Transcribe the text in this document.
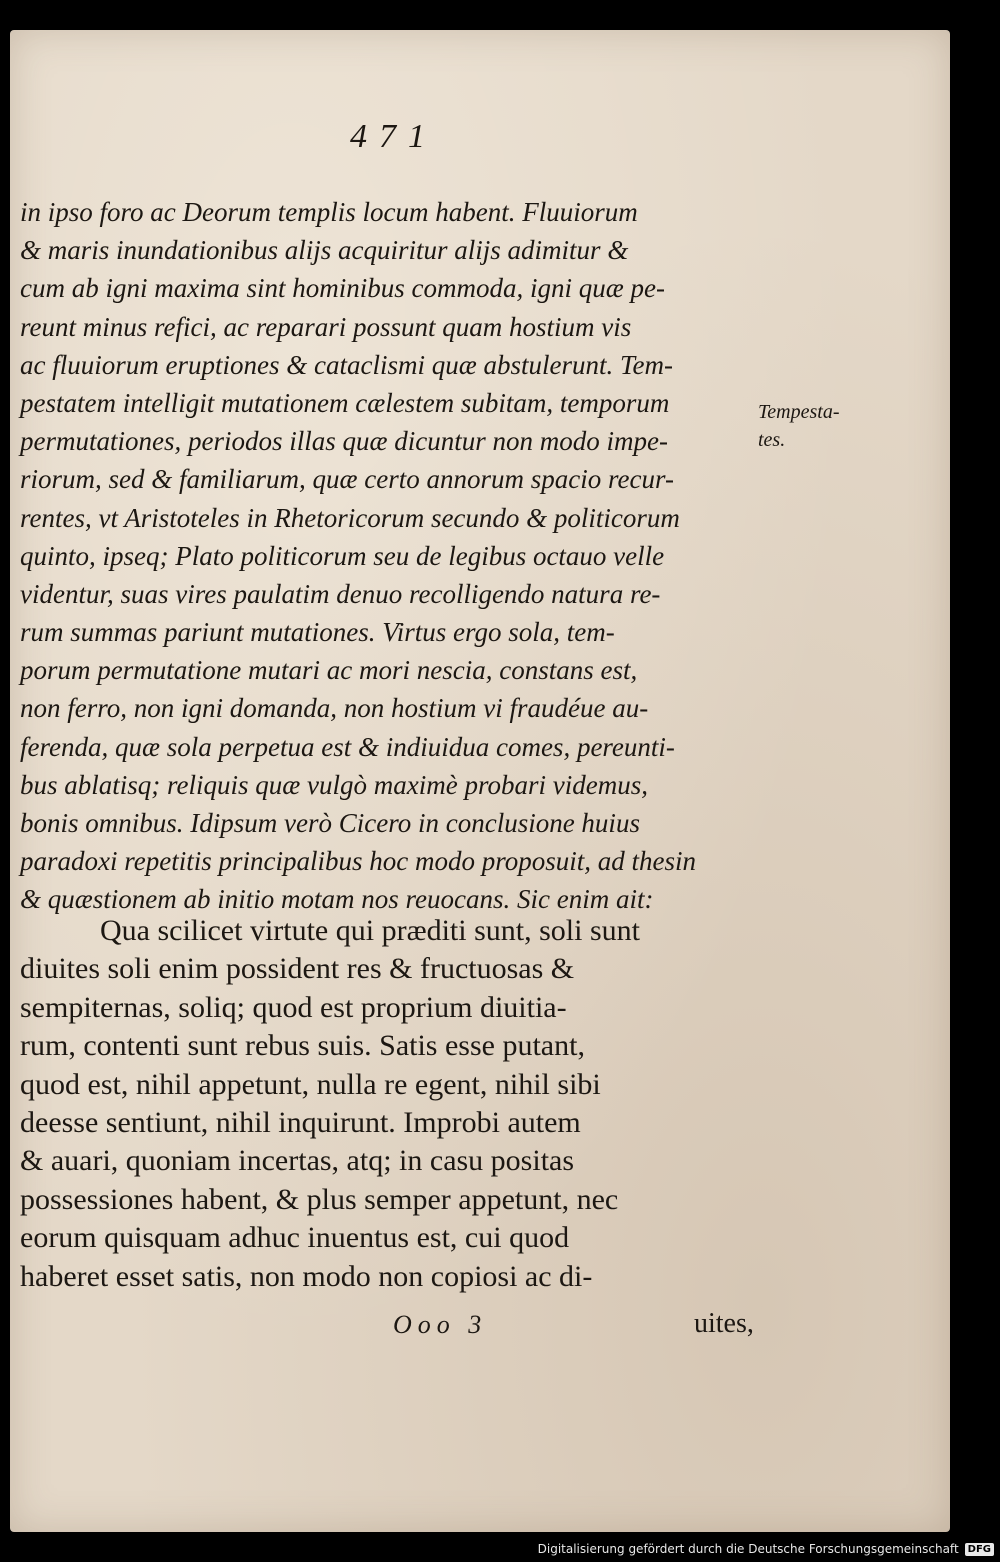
471
in ipso foro ac Deorum templis locum habent. Fluuiorum
& maris inundationibus alijs acquiritur alijs adimitur &
cum ab igni maxima sint hominibus commoda, igni quæ pe-
reunt minus refici, ac reparari possunt quam hostium vis
ac fluuiorum eruptiones & cataclismi quæ abstulerunt. Tem-
pestatem intelligit mutationem cælestem subitam, temporum
permutationes, periodos illas quæ dicuntur non modo impe-
riorum, sed & familiarum, quæ certo annorum spacio recur-
rentes, vt Aristoteles in Rhetoricorum secundo & politicorum
quinto, ipseq; Plato politicorum seu de legibus octauo velle
videntur, suas vires paulatim denuo recolligendo natura re-
rum summas pariunt mutationes. Virtus ergo sola, tem-
porum permutatione mutari ac mori nescia, constans est,
non ferro, non igni domanda, non hostium vi fraudéue au-
ferenda, quæ sola perpetua est & indiuidua comes, pereunti-
bus ablatisq; reliquis quæ vulgò maximè probari videmus,
bonis omnibus. Idipsum verò Cicero in conclusione huius
paradoxi repetitis principalibus hoc modo proposuit, ad thesin
& quæstionem ab initio motam nos reuocans. Sic enim ait:
Tempesta-
tes.
Qua scilicet virtute qui præditi sunt, soli sunt
diuites soli enim possident res & fructuosas &
sempiternas, soliq; quod est proprium diuitia-
rum, contenti sunt rebus suis. Satis esse putant,
quod est, nihil appetunt, nulla re egent, nihil sibi
deesse sentiunt, nihil inquirunt. Improbi autem
& auari, quoniam incertas, atq; in casu positas
possessiones habent, & plus semper appetunt, nec
eorum quisquam adhuc inuentus est, cui quod
haberet esset satis, non modo non copiosi ac di-
Ooo 3	uites,
Digitalisierung gefördert durch die Deutsche Forschungsgemeinschaft DFG
